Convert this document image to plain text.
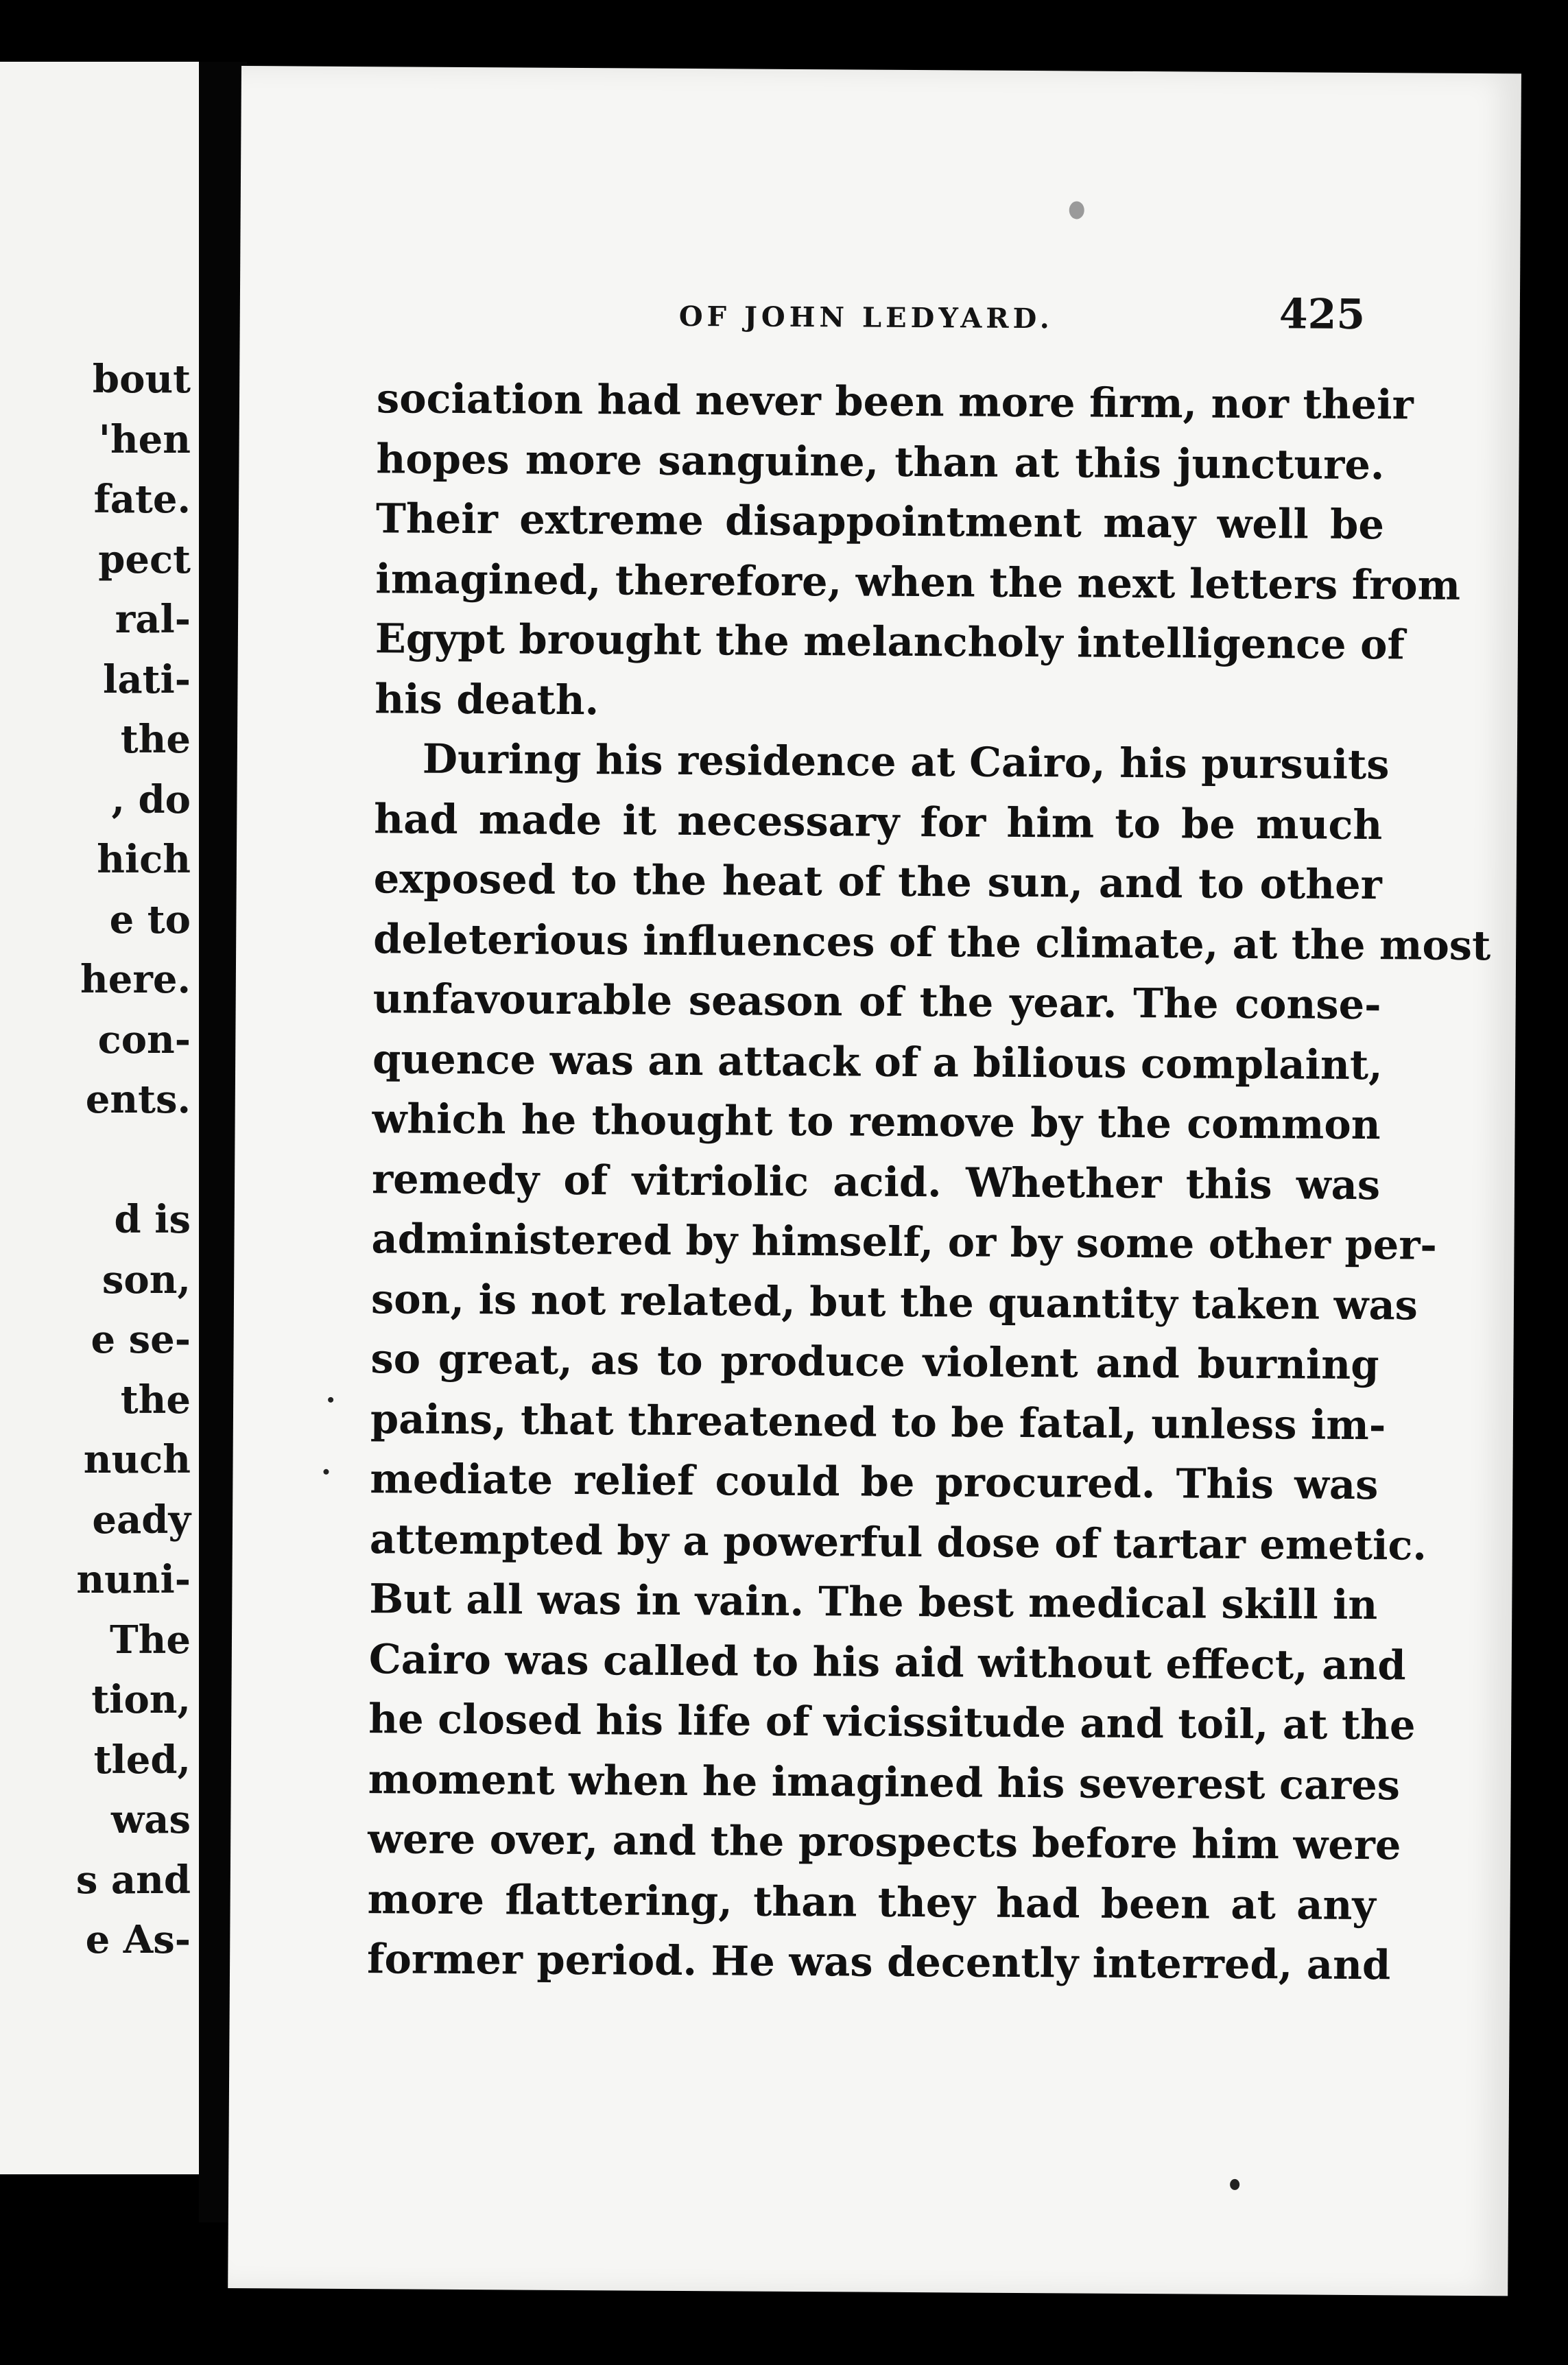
bout
'hen
fate.
pect
ral-
lati-
the
, do
hich
e to
here.
con-
ents.
d is
son,
e se-
the
nuch
eady
nuni-
The
tion,
tled,
was
s and
e As-
OF JOHN LEDYARD.	425
sociation had never been more firm, nor their
hopes more sanguine, than at this juncture.
Their extreme disappointment may well be
imagined, therefore, when the next letters from
Egypt brought the melancholy intelligence of
his death.
During his residence at Cairo, his pursuits
had made it necessary for him to be much
exposed to the heat of the sun, and to other
deleterious influences of the climate, at the most
unfavourable season of the year. The conse-
quence was an attack of a bilious complaint,
which he thought to remove by the common
remedy of vitriolic acid. Whether this was
administered by himself, or by some other per-
son, is not related, but the quantity taken was
so great, as to produce violent and burning
pains, that threatened to be fatal, unless im-
mediate relief could be procured. This was
attempted by a powerful dose of tartar emetic.
But all was in vain. The best medical skill in
Cairo was called to his aid without effect, and
he closed his life of vicissitude and toil, at the
moment when he imagined his severest cares
were over, and the prospects before him were
more flattering, than they had been at any
former period. He was decently interred, and
